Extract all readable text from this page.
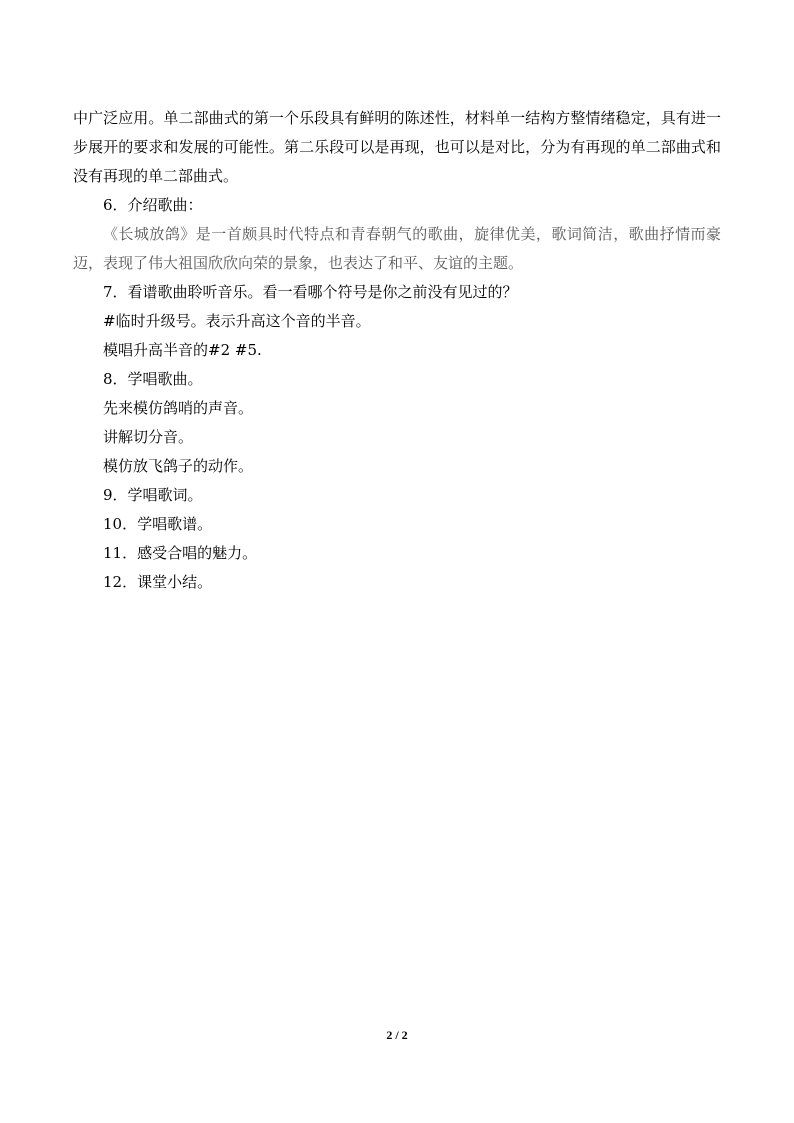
中广泛应用。单二部曲式的第一个乐段具有鲜明的陈述性，材料单一结构方整情绪稳定，具有进一步展开的要求和发展的可能性。第二乐段可以是再现，也可以是对比，分为有再现的单二部曲式和没有再现的单二部曲式。

6．介绍歌曲：

《长城放鸽》是一首颇具时代特点和青春朝气的歌曲，旋律优美，歌词简洁，歌曲抒情而豪迈，表现了伟大祖国欣欣向荣的景象，也表达了和平、友谊的主题。

7．看谱歌曲聆听音乐。看一看哪个符号是你之前没有见过的？

#临时升级号。表示升高这个音的半音。

模唱升高半音的#2 #5.

8．学唱歌曲。

先来模仿鸽哨的声音。

讲解切分音。

模仿放飞鸽子的动作。

9．学唱歌词。

10．学唱歌谱。

11．感受合唱的魅力。

12．课堂小结。

2 / 2
